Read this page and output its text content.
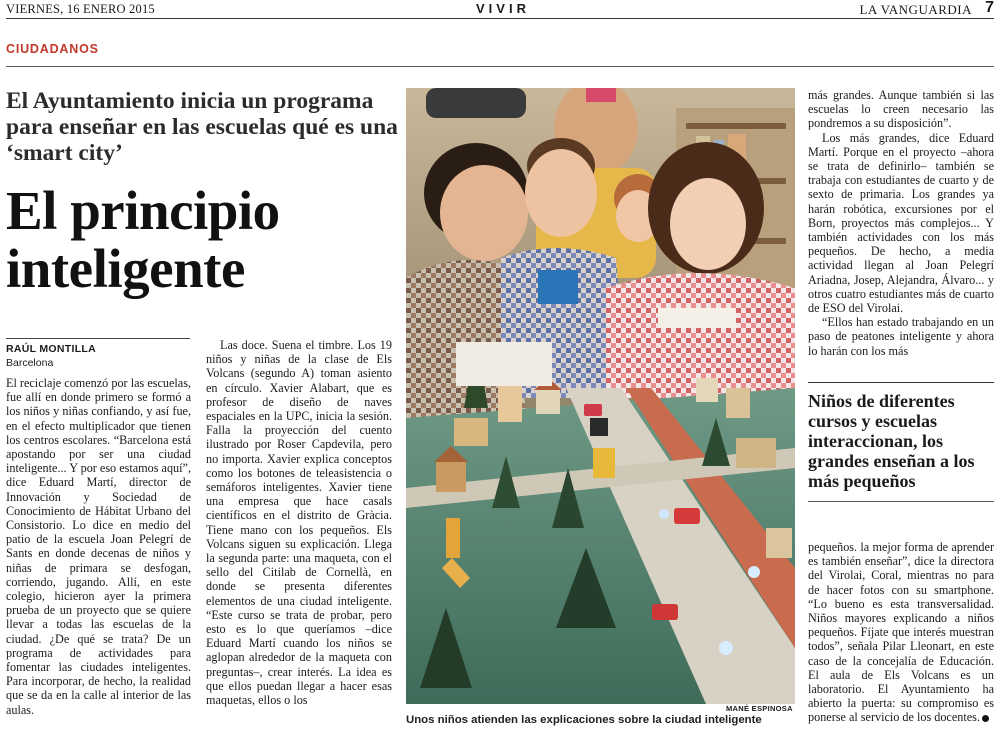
VIERNES, 16 ENERO 2015	VIVIR	LA VANGUARDIA 7
CIUDADANOS
El Ayuntamiento inicia un programa para enseñar en las escuelas qué es una ‘smart city’
El principio inteligente
RAÚL MONTILLA
Barcelona

El reciclaje comenzó por las escuelas, fue allí en donde primero se formó a los niños y niñas confiando, y así fue, en el efecto multiplicador que tienen los centros escolares. “Barcelona está apostando por ser una ciudad inteligente... Y por eso estamos aquí”, dice Eduard Martí, director de Innovación y Sociedad de Conocimiento de Hábitat Urbano del Consistorio. Lo dice en medio del patio de la escuela Joan Pelegrí de Sants en donde decenas de niños y niñas de primara se desfogan, corriendo, jugando. Allí, en este colegio, hicieron ayer la primera prueba de un proyecto que se quiere llevar a todas las escuelas de la ciudad. ¿De qué se trata? De un programa de actividades para fomentar las ciudades inteligentes. Para incorporar, de hecho, la realidad que se da en la calle al interior de las aulas.

Las doce. Suena el timbre. Los 19 niños y niñas de la clase de Els Volcans (segundo A) toman asiento en círculo. Xavier Alabart, que es profesor de diseño de naves espaciales en la UPC, inicia la sesión. Falla la proyección del cuento ilustrado por Roser Capdevila, pero no importa. Xavier explica conceptos como los botones de teleasistencia o semáforos inteligentes. Xavier tiene una empresa que hace casals científicos en el distrito de Gràcia. Tiene mano con los pequeños. Els Volcans siguen su explicación. Llega la segunda parte: una maqueta, con el sello del Citilab de Cornellà, en donde se presenta diferentes elementos de una ciudad inteligente. “Este curso se trata de probar, pero esto es lo que queríamos –dice Eduard Martí cuando los niños se aglopan alrededor de la maqueta con preguntas–, crear interés. La idea es que ellos puedan llegar a hacer esas maquetas, ellos o los

MANÉ ESPINOSA
Unos niños atienden las explicaciones sobre la ciudad inteligente

más grandes. Aunque también si las escuelas lo creen necesario las pondremos a su disposición”.

Los más grandes, dice Eduard Martí. Porque en el proyecto –ahora se trata de definirlo– también se trabaja con estudiantes de cuarto y de sexto de primaria. Los grandes ya harán robótica, excursiones por el Born, proyectos más complejos... Y también actividades con los más pequeños. De hecho, a media actividad llegan al Joan Pelegrí Ariadna, Josep, Alejandra, Álvaro... y otros cuatro estudiantes más de cuarto de ESO del Virolai.

“Ellos han estado trabajando en un paso de peatones inteligente y ahora lo harán con los más

Niños de diferentes cursos y escuelas interaccionan, los grandes enseñan a los más pequeños

pequeños. la mejor forma de aprender es también enseñar”, dice la directora del Virolai, Coral, mientras no para de hacer fotos con su smartphone. “Lo bueno es esta transversalidad. Niños mayores explicando a niños pequeños. Fíjate que interés muestran todos”, señala Pilar Lleonart, en este caso de la concejalía de Educación. El aula de Els Volcans es un laboratorio. El Ayuntamiento ha abierto la puerta: su compromiso es ponerse al servicio de los docentes.
